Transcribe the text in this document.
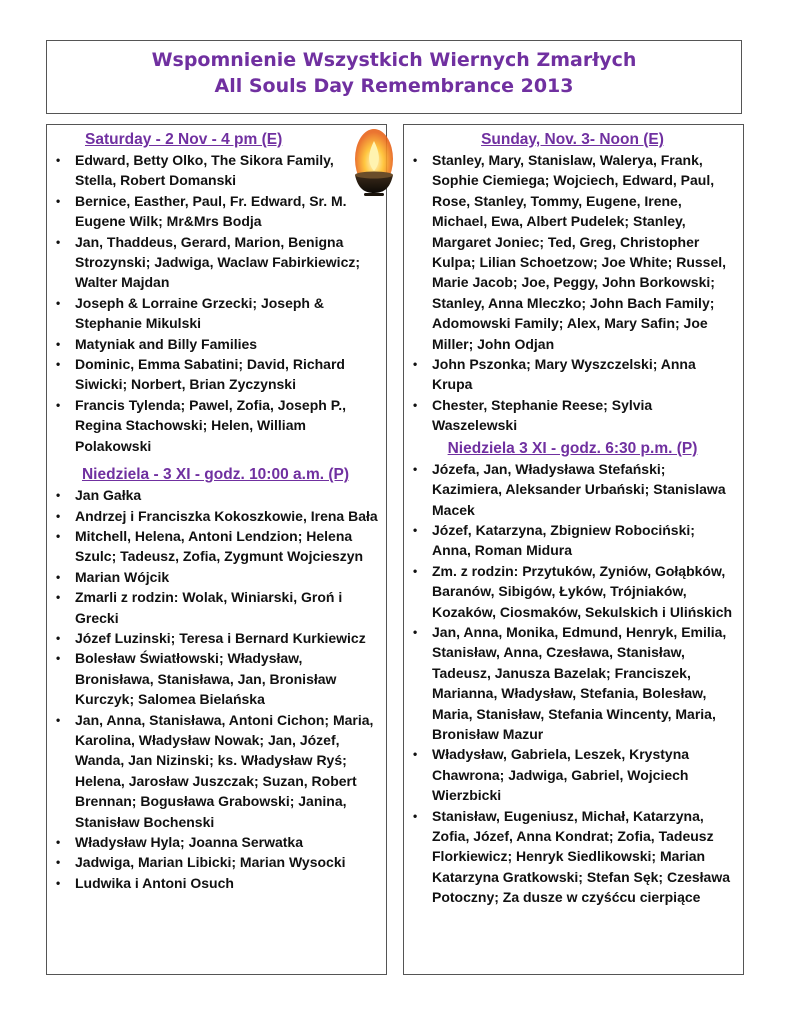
Wspomnienie Wszystkich Wiernych Zmarłych
All Souls Day Remembrance 2013
Saturday - 2 Nov - 4 pm (E)
• Edward, Betty Olko, The Sikora Family, Stella, Robert Domanski
• Bernice, Easther, Paul, Fr. Edward, Sr. M. Eugene Wilk; Mr&Mrs Bodja
• Jan, Thaddeus, Gerard, Marion, Benigna Strozynski; Jadwiga, Waclaw Fabirkiewicz; Walter Majdan
• Joseph & Lorraine Grzecki; Joseph & Stephanie Mikulski
• Matyniak and Billy Families
• Dominic, Emma Sabatini; David, Richard Siwicki; Norbert, Brian Zyczynski
• Francis Tylenda; Pawel, Zofia, Joseph P., Regina Stachowski; Helen, William Polakowski
Niedziela - 3 XI - godz. 10:00 a.m. (P)
• Jan Gałka
• Andrzej i Franciszka Kokoszkowie, Irena Bała
• Mitchell, Helena, Antoni Lendzion; Helena Szulc; Tadeusz, Zofia, Zygmunt Wojcieszyn
• Marian Wójcik
• Zmarli z rodzin: Wolak, Winiarski, Groń i Grecki
• Józef Luzinski; Teresa i Bernard Kurkiewicz
• Bolesław Światłowski; Władysław, Bronisława, Stanisława, Jan, Bronisław Kurczyk; Salomea Bielańska
• Jan, Anna, Stanisława, Antoni Cichon; Maria, Karolina, Władysław Nowak; Jan, Józef, Wanda, Jan Nizinski; ks. Władysław Ryś; Helena, Jarosław Juszczak; Suzan, Robert Brennan; Bogusława Grabowski; Janina, Stanisław Bochenski
• Władysław Hyla; Joanna Serwatka
• Jadwiga, Marian Libicki; Marian Wysocki
• Ludwika i Antoni Osuch
Sunday, Nov. 3- Noon (E)
• Stanley, Mary, Stanislaw, Walerya, Frank, Sophie Ciemiega; Wojciech, Edward, Paul, Rose, Stanley, Tommy, Eugene, Irene, Michael, Ewa, Albert Pudelek; Stanley, Margaret Joniec; Ted, Greg, Christopher Kulpa; Lilian Schoetzow; Joe White; Russel, Marie Jacob; Joe, Peggy, John Borkowski; Stanley, Anna Mleczko; John Bach Family; Adomowski Family; Alex, Mary Safin; Joe Miller; John Odjan
• John Pszonka; Mary Wyszczelski; Anna Krupa
• Chester, Stephanie Reese; Sylvia Waszelewski
Niedziela 3 XI - godz. 6:30 p.m. (P)
• Józefa, Jan, Władysława Stefański; Kazimiera, Aleksander Urbański; Stanislawa Macek
• Józef, Katarzyna, Zbigniew Robociński; Anna, Roman Midura
• Zm. z rodzin: Przytuków, Zyniów, Gołąbków, Baranów, Sibigów, Łyków, Trójniaków, Kozaków, Ciosmaków, Sekulskich i Ulińskich
• Jan, Anna, Monika, Edmund, Henryk, Emilia, Stanisław, Anna, Czesława, Stanisław, Tadeusz, Janusza Bazelak; Franciszek, Marianna, Władysław, Stefania, Bolesław, Maria, Stanisław, Stefania Wincenty, Maria, Bronisław Mazur
• Władysław, Gabriela, Leszek, Krystyna Chawrona; Jadwiga, Gabriel, Wojciech Wierzbicki
• Stanisław, Eugeniusz, Michał, Katarzyna, Zofia, Józef, Anna Kondrat; Zofia, Tadeusz Florkiewicz; Henryk Siedlikowski; Marian Katarzyna Gratkowski; Stefan Sęk; Czesława Potoczny; Za dusze w czyśćcu cierpiące
